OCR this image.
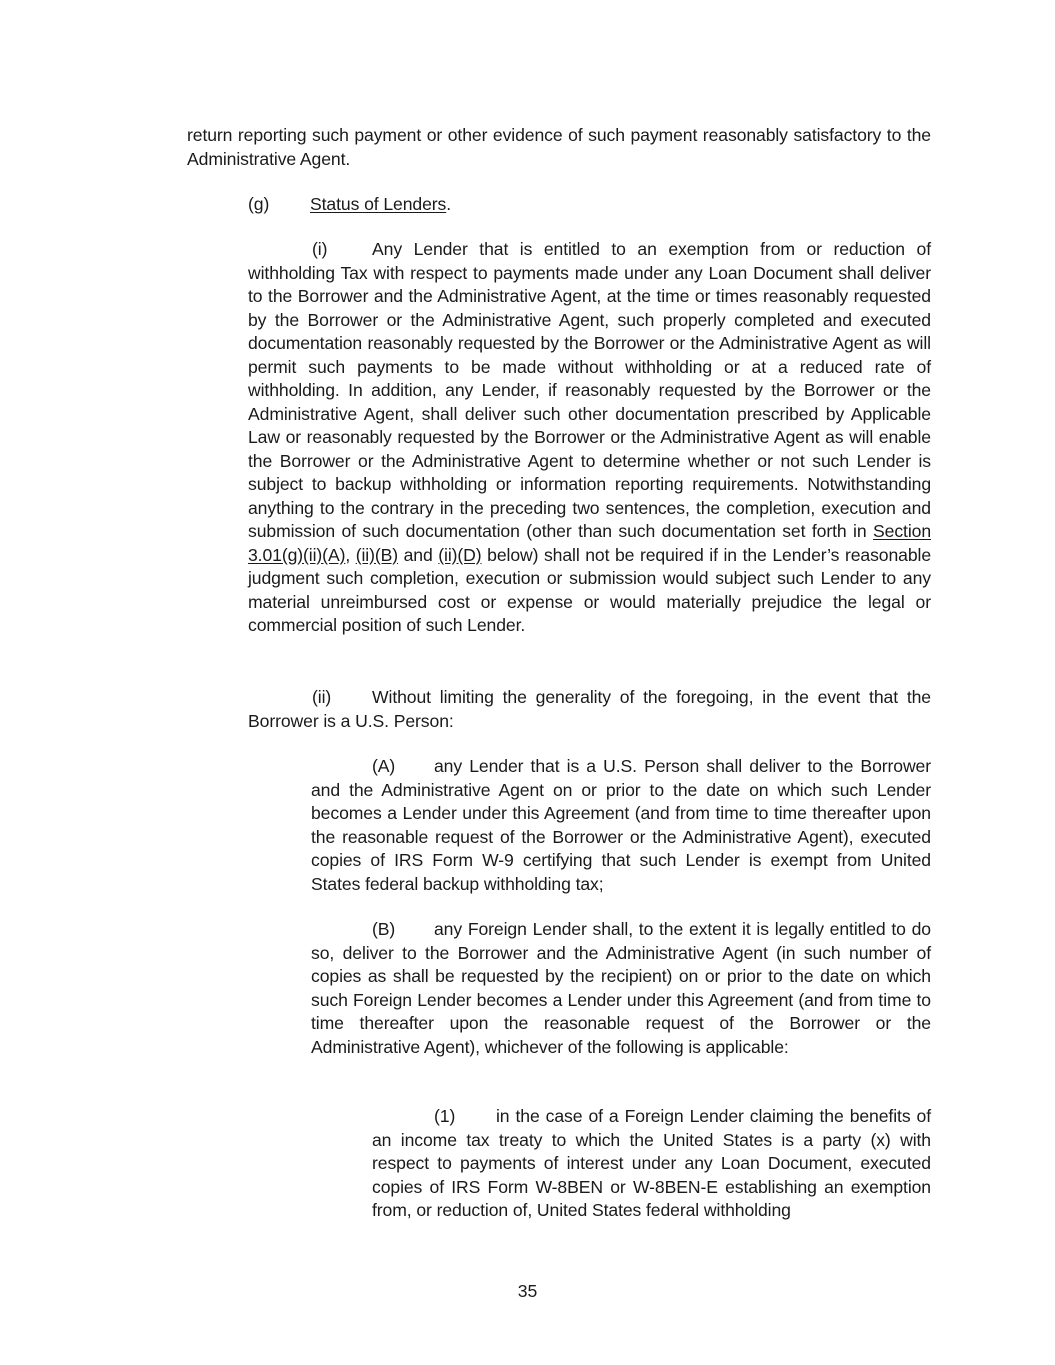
return reporting such payment or other evidence of such payment reasonably satisfactory to the Administrative Agent.

(g) Status of Lenders.

(i)	Any Lender that is entitled to an exemption from or reduction of withholding Tax with respect to payments made under any Loan Document shall deliver to the Borrower and the Administrative Agent, at the time or times reasonably requested by the Borrower or the Administrative Agent, such properly completed and executed documentation reasonably requested by the Borrower or the Administrative Agent as will permit such payments to be made without withholding or at a reduced rate of withholding. In addition, any Lender, if reasonably requested by the Borrower or the Administrative Agent, shall deliver such other documentation prescribed by Applicable Law or reasonably requested by the Borrower or the Administrative Agent as will enable the Borrower or the Administrative Agent to determine whether or not such Lender is subject to backup withholding or information reporting requirements. Notwithstanding anything to the contrary in the preceding two sentences, the completion, execution and submission of such documentation (other than such documentation set forth in Section 3.01(g)(ii)(A), (ii)(B) and (ii)(D) below) shall not be required if in the Lender’s reasonable judgment such completion, execution or submission would subject such Lender to any material unreimbursed cost or expense or would materially prejudice the legal or commercial position of such Lender.

(ii) Without limiting the generality of the foregoing, in the event that the Borrower is a U.S. Person:

(A) any Lender that is a U.S. Person shall deliver to the Borrower and the Administrative Agent on or prior to the date on which such Lender becomes a Lender under this Agreement (and from time to time thereafter upon the reasonable request of the Borrower or the Administrative Agent), executed copies of IRS Form W-9 certifying that such Lender is exempt from United States federal backup withholding tax;

(B) any Foreign Lender shall, to the extent it is legally entitled to do so, deliver to the Borrower and the Administrative Agent (in such number of copies as shall be requested by the recipient) on or prior to the date on which such Foreign Lender becomes a Lender under this Agreement (and from time to time thereafter upon the reasonable request of the Borrower or the Administrative Agent), whichever of the following is applicable:

(1) in the case of a Foreign Lender claiming the benefits of an income tax treaty to which the United States is a party (x) with respect to payments of interest under any Loan Document, executed copies of IRS Form W-8BEN or W-8BEN-E establishing an exemption from, or reduction of, United States federal withholding

35
